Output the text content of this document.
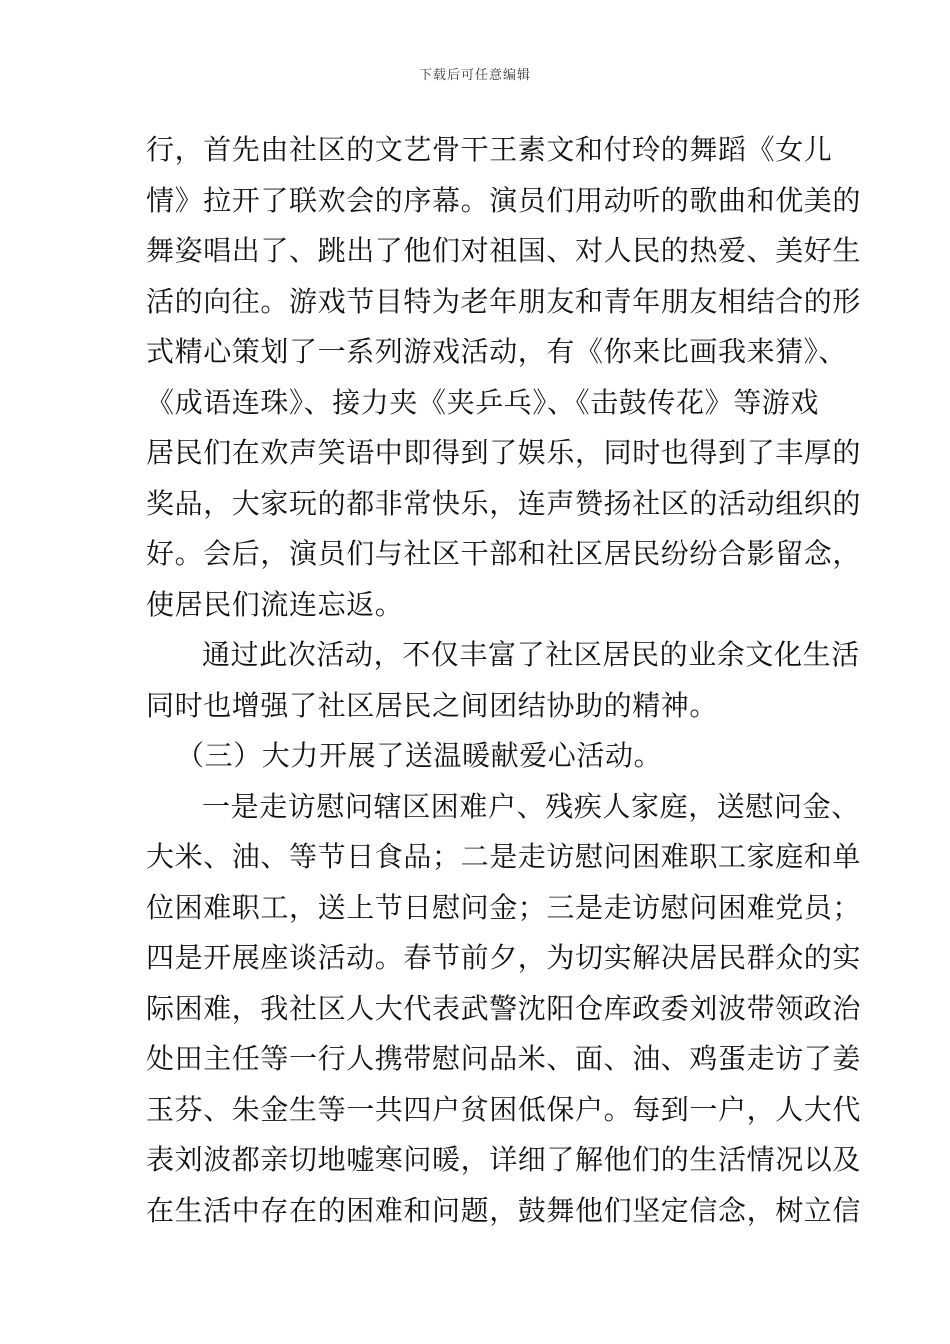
下载后可任意编辑
行，首先由社区的文艺骨干王素文和付玲的舞蹈《女儿
情》拉开了联欢会的序幕。演员们用动听的歌曲和优美的
舞姿唱出了、跳出了他们对祖国、对人民的热爱、美好生
活的向往。游戏节目特为老年朋友和青年朋友相结合的形
式精心策划了一系列游戏活动，有《你来比画我来猜》、
《成语连珠》、接力夹《夹乒乓》、《击鼓传花》等游戏
居民们在欢声笑语中即得到了娱乐，同时也得到了丰厚的
奖品，大家玩的都非常快乐，连声赞扬社区的活动组织的
好。会后，演员们与社区干部和社区居民纷纷合影留念，
使居民们流连忘返。
通过此次活动，不仅丰富了社区居民的业余文化生活
同时也增强了社区居民之间团结协助的精神。
（三）大力开展了送温暖献爱心活动。
一是走访慰问辖区困难户、残疾人家庭，送慰问金、
大米、油、等节日食品；二是走访慰问困难职工家庭和单
位困难职工，送上节日慰问金；三是走访慰问困难党员；
四是开展座谈活动。春节前夕，为切实解决居民群众的实
际困难，我社区人大代表武警沈阳仓库政委刘波带领政治
处田主任等一行人携带慰问品米、面、油、鸡蛋走访了姜
玉芬、朱金生等一共四户贫困低保户。每到一户，人大代
表刘波都亲切地嘘寒问暖，详细了解他们的生活情况以及
在生活中存在的困难和问题，鼓舞他们坚定信念，树立信
